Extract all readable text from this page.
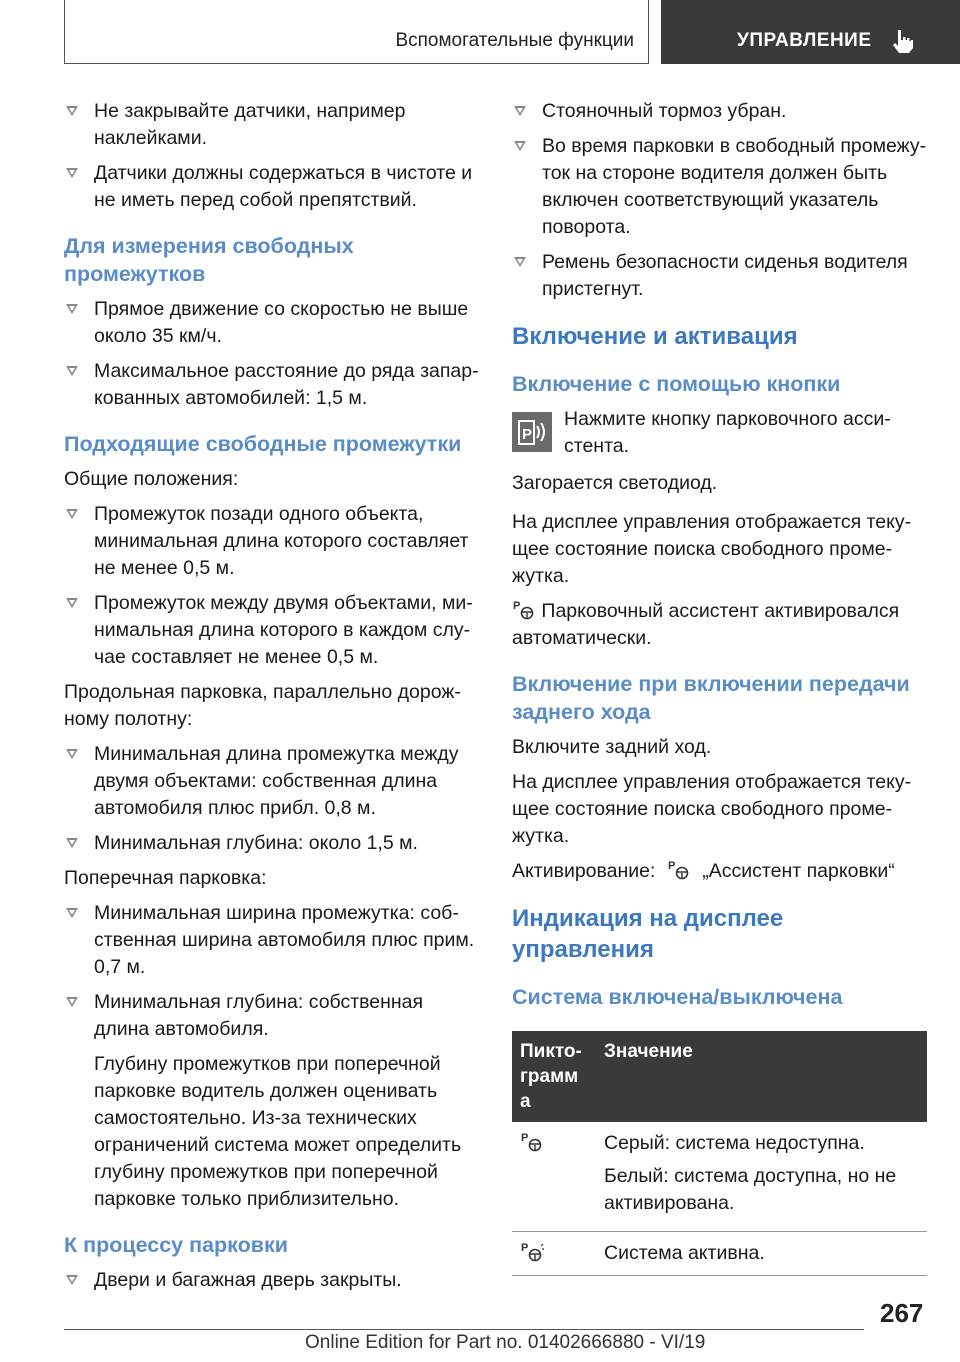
Вспомогательные функции	УПРАВЛЕНИЕ

Не закрывайте датчики, например наклейками.

Датчики должны содержаться в чистоте и не иметь перед собой препятствий.

Для измерения свободных промежутков

Прямое движение со скоростью не выше около 35 км/ч.

Максимальное расстояние до ряда запаркованных автомобилей: 1,5 м.

Подходящие свободные промежутки

Общие положения:

Промежуток позади одного объекта, минимальная длина которого составляет не менее 0,5 м.

Промежуток между двумя объектами, минимальная длина которого в каждом случае составляет не менее 0,5 м.

Продольная парковка, параллельно дорожному полотну:

Минимальная длина промежутка между двумя объектами: собственная длина автомобиля плюс прибл. 0,8 м.

Минимальная глубина: около 1,5 м.

Поперечная парковка:

Минимальная ширина промежутка: собственная ширина автомобиля плюс прим. 0,7 м.

Минимальная глубина: собственная длина автомобиля.

Глубину промежутков при поперечной парковке водитель должен оценивать самостоятельно. Из-за технических ограничений система может определить глубину промежутков при поперечной парковке только приблизительно.

К процессу парковки

Двери и багажная дверь закрыты.

Стояночный тормоз убран.

Во время парковки в свободный промежуток на стороне водителя должен быть включен соответствующий указатель поворота.

Ремень безопасности сиденья водителя пристегнут.

Включение и активация
Включение с помощью кнопки
P

Нажмите кнопку парковочного ассистента.

Загорается светодиод.

На дисплее управления отображается текущее состояние поиска свободного промежутка.

P Парковочный ассистент активировался автоматически.

Включение при включении передачи заднего хода

Включите задний ход.

На дисплее управления отображается текущее состояние поиска свободного промежутка.

Активирование: P „Ассистент парковки“

Индикация на дисплее управления
Система включена/выключена
Пиктограмм а	Значение

P	Серый: система недоступна.

Белый: система доступна, но не активирована.

P	Система активна.
267
Online Edition for Part no. 01402666880 - VI/19
